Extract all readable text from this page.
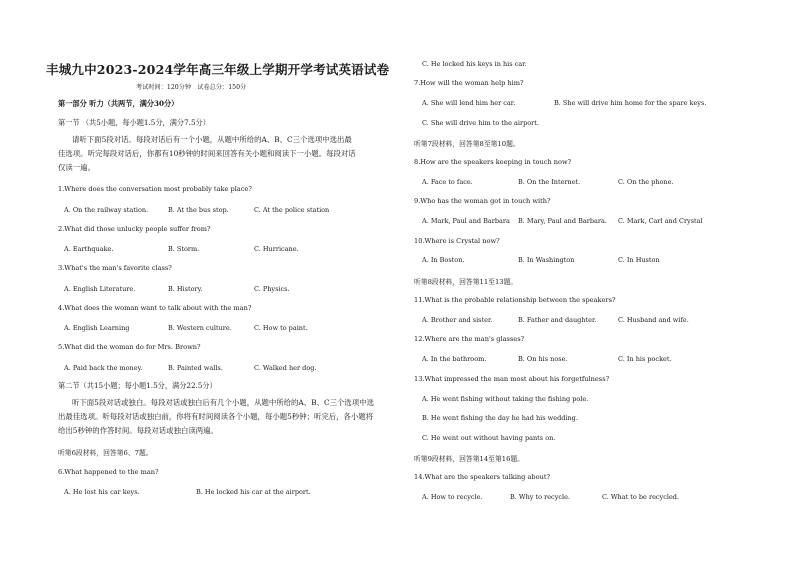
丰城九中2023-2024学年高三年级上学期开学考试英语试卷
考试时间：120分钟　试卷总分：150分
第一部分 听力（共两节，满分30分）
第一节 （共5小题，每小题1.5分，满分7.5分）
请听下面5段对话。每段对话后有一个小题，从题中所给的A、B、C三个选项中选出最佳选项。听完每段对话后，你都有10秒钟的时间来回答有关小题和阅读下一小题。每段对话仅读一遍。
1.Where does the conversation most probably take place?
A. On the railway station.	B. At the bus stop.	C. At the police station
2.What did those unlucky people suffer from?
A. Earthquake.	B. Storm.	C. Hurricane.
3.What's the man's favorite class?
A. English Literature.	B. History.	C. Physics.
4.What does the woman want to talk about with the man?
A. English Learning	B. Western culture.	C. How to paint.
5.What did the woman do for Mrs. Brown?
A. Paid back the money.	B. Painted walls.	C. Walked her dog.
第二节（共15小题；每小题1.5分，满分22.5分）
听下面5段对话或独白。每段对话或独白后有几个小题，从题中所给的A、B、C三个选项中选出最佳选项。听每段对话或独白前，你将有时间阅读各个小题，每小题5秒钟；听完后，各小题将给出5秒钟的作答时间。每段对话或独白读两遍。
听第6段材料，回答第6、7题。
6.What happened to the man?
A. He lost his car keys.	B. He locked his car at the airport.
C. He locked his keys in his car.
7.How will the woman help him?
A. She will lend him her car.	B. She will drive him home for the spare keys.
C. She will drive him to the airport.
听第7段材料，回答第8至第10题。
8.How are the speakers keeping in touch now?
A. Face to face.	B. On the Internet.	C. On the phone.
9.Who has the woman got in touch with?
A. Mark, Paul and Barbara B. Mary, Paul and Barbara. C. Mark, Carl and Crystal
10.Where is Crystal now?
A. In Boston.	B. In Washington	C. In Huston
听第8段材料，回答第11至13题。
11.What is the probable relationship between the speakers?
A. Brother and sister.	B. Father and daughter.	C. Husband and wife.
12.Where are the man's glasses?
A. In the bathroom.	B. On his nose.	C. In his pocket.
13.What impressed the man most about his forgetfulness?
A. He went fishing without taking the fishing pole.
B. He went fishing the day he had his wedding.
C. He went out without having pants on.
听第9段材料，回答第14至第16题。
14.What are the speakers talking about?
A. How to recycle.	B. Why to recycle.	C. What to be recycled.
